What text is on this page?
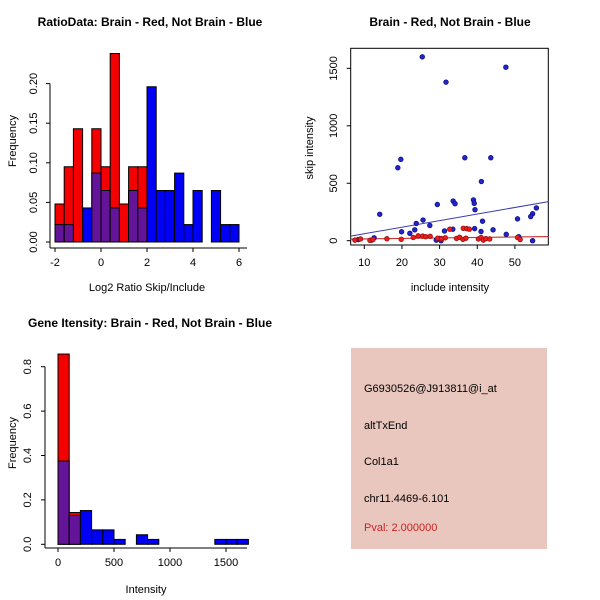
0.00
0.05
0.10
0.15
0.20
-2	0	2	4	6	10 20 30 40 50
0
500
1000
1500
0.0
0.2
0.4
0.6
0.8
0	500	1000	1500
RatioData: Brain - Red, Not Brain - Blue	Brain - Red, Not Brain - Blue
Gene Itensity: Brain - Red, Not Brain - Blue
Log2 Ratio Skip/Include
Frequency
include intensity
skip intensity
Intensity
Frequency
G6930526@J913811@i_at
altTxEnd
Col1a1
chr11.4469-6.101
Pval: 2.000000
